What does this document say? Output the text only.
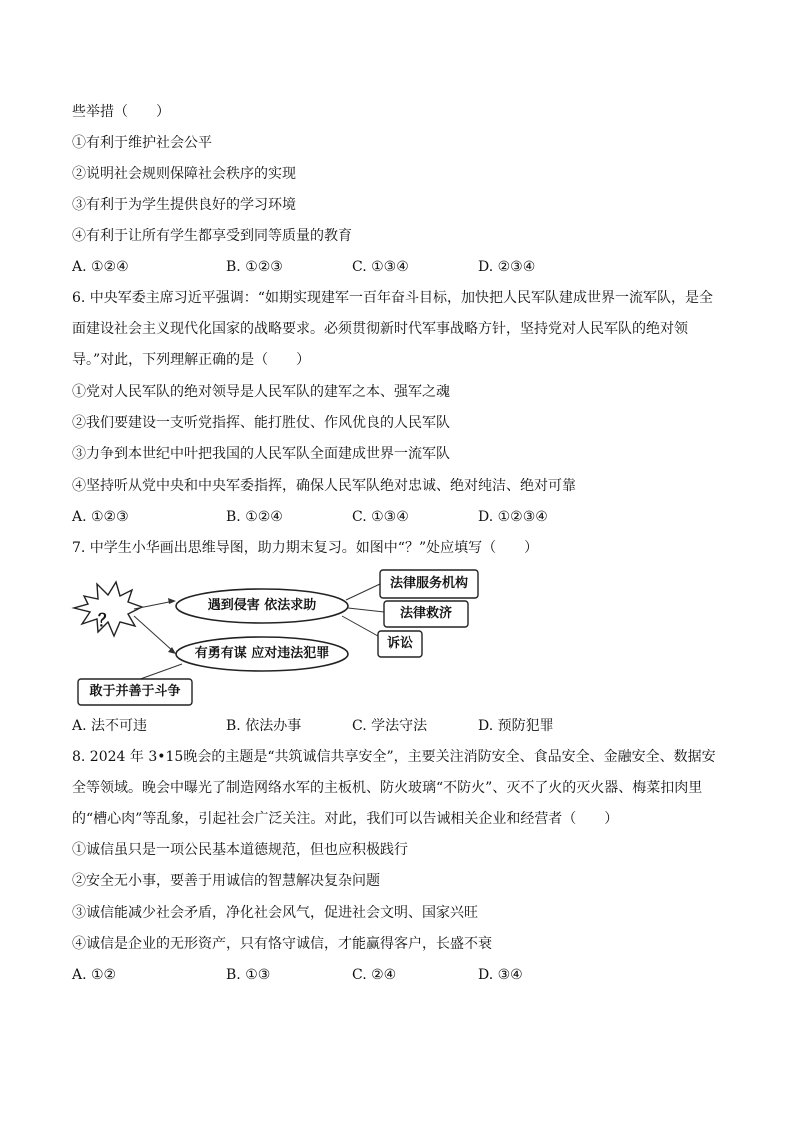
些举措（　　）
①有利于维护社会公平
②说明社会规则保障社会秩序的实现
③有利于为学生提供良好的学习环境
④有利于让所有学生都享受到同等质量的教育
A. ①②④	B. ①②③	C. ①③④	D. ②③④
6. 中央军委主席习近平强调：“如期实现建军一百年奋斗目标，加快把人民军队建成世界一流军队，是全
面建设社会主义现代化国家的战略要求。必须贯彻新时代军事战略方针，坚持党对人民军队的绝对领
导。”对此，下列理解正确的是（　　）
①党对人民军队的绝对领导是人民军队的建军之本、强军之魂
②我们要建设一支听党指挥、能打胜仗、作风优良的人民军队
③力争到本世纪中叶把我国的人民军队全面建成世界一流军队
④坚持听从党中央和中央军委指挥，确保人民军队绝对忠诚、绝对纯洁、绝对可靠
A. ①②③	B. ①②④	C. ①③④	D. ①②③④
7. 中学生小华画出思维导图，助力期末复习。如图中“？”处应填写（　　）
？
遇到侵害 依法求助
有勇有谋 应对违法犯罪
法律服务机构
法律救济
诉讼
敢于并善于斗争
A. 法不可违	B. 依法办事	C. 学法守法	D. 预防犯罪
8. 2024 年 3•15晚会的主题是“共筑诚信共享安全”，主要关注消防安全、食品安全、金融安全、数据安
全等领域。晚会中曝光了制造网络水军的主板机、防火玻璃“不防火”、灭不了火的灭火器、梅菜扣肉里
的“槽心肉”等乱象，引起社会广泛关注。对此，我们可以告诫相关企业和经营者（　　）
①诚信虽只是一项公民基本道德规范，但也应积极践行
②安全无小事，要善于用诚信的智慧解决复杂问题
③诚信能减少社会矛盾，净化社会风气，促进社会文明、国家兴旺
④诚信是企业的无形资产，只有恪守诚信，才能赢得客户，长盛不衰
A. ①②	B. ①③	C. ②④	D. ③④
